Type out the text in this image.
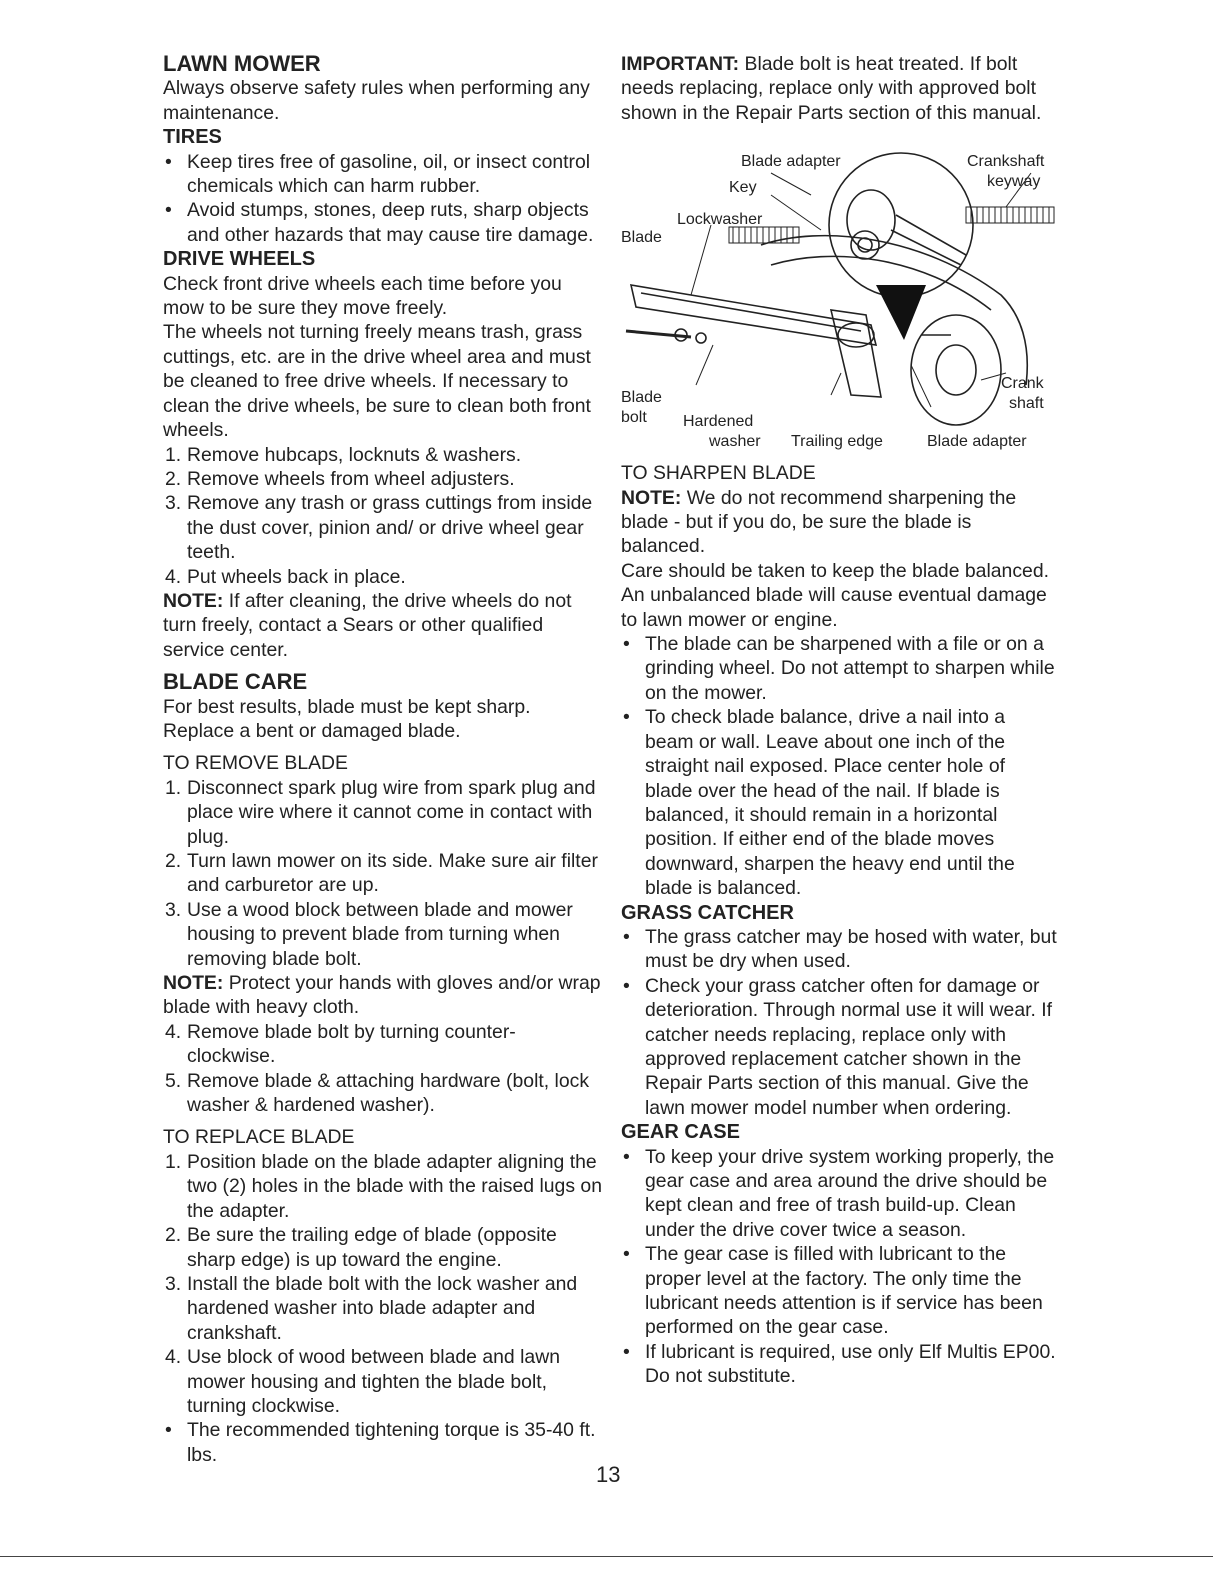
LAWN MOWER

Always observe safety rules when performing any maintenance.

TIRES
• Keep tires free of gasoline, oil, or insect control chemicals which can harm rubber.
• Avoid stumps, stones, deep ruts, sharp objects and other hazards that may cause tire damage.
DRIVE WHEELS

Check front drive wheels each time before you mow to be sure they move freely.

The wheels not turning freely means trash, grass cuttings, etc. are in the drive wheel area and must be cleaned to free drive wheels. If necessary to clean the drive wheels, be sure to clean both front wheels.

1. Remove hubcaps, locknuts & washers.
2. Remove wheels from wheel adjusters.
3. Remove any trash or grass cuttings from inside the dust cover, pinion and/ or drive wheel gear teeth.
4. Put wheels back in place.

NOTE: If after cleaning, the drive wheels do not turn freely, contact a Sears or other qualified service center.

BLADE CARE

For best results, blade must be kept sharp. Replace a bent or damaged blade.

TO REMOVE BLADE

1. Disconnect spark plug wire from spark plug and place wire where it cannot come in contact with plug.
2. Turn lawn mower on its side. Make sure air filter and carburetor are up.
3. Use a wood block between blade and mower housing to prevent blade from turning when removing blade bolt.

NOTE: Protect your hands with gloves and/or wrap blade with heavy cloth.

4. Remove blade bolt by turning counter-clockwise.
5. Remove blade & attaching hardware (bolt, lock washer & hardened washer).

TO REPLACE BLADE

1. Position blade on the blade adapter aligning the two (2) holes in the blade with the raised lugs on the adapter.
2. Be sure the trailing edge of blade (opposite sharp edge) is up toward the engine.
3. Install the blade bolt with the lock washer and hardened washer into blade adapter and crankshaft.
4. Use block of wood between blade and lawn mower housing and tighten the blade bolt, turning clockwise.
• The recommended tightening torque is 35-40 ft. lbs.

IMPORTANT: Blade bolt is heat treated. If bolt needs replacing, replace only with approved bolt shown in the Repair Parts section of this manual.

Blade adapter	Crankshaft
keyway
Key
Lockwasher
Blade
Blade
bolt Hardened
washer Trailing edge	Blade adapter
Crank
shaft

TO SHARPEN BLADE

NOTE: We do not recommend sharpening the blade - but if you do, be sure the blade is balanced.

Care should be taken to keep the blade balanced. An unbalanced blade will cause eventual damage to lawn mower or engine.

• The blade can be sharpened with a file or on a grinding wheel. Do not attempt to sharpen while on the mower.
• To check blade balance, drive a nail into a beam or wall. Leave about one inch of the straight nail exposed. Place center hole of blade over the head of the nail. If blade is balanced, it should remain in a horizontal position. If either end of the blade moves downward, sharpen the heavy end until the blade is balanced.
GRASS CATCHER
• The grass catcher may be hosed with water, but must be dry when used.
• Check your grass catcher often for damage or deterioration. Through normal use it will wear. If catcher needs replacing, replace only with approved replacement catcher shown in the Repair Parts section of this manual. Give the lawn mower model number when ordering.
GEAR CASE
• To keep your drive system working properly, the gear case and area around the drive should be kept clean and free of trash build-up. Clean under the drive cover twice a season.
• The gear case is filled with lubricant to the proper level at the factory. The only time the lubricant needs attention is if service has been performed on the gear case.
• If lubricant is required, use only Elf Multis EP00. Do not substitute.
13
